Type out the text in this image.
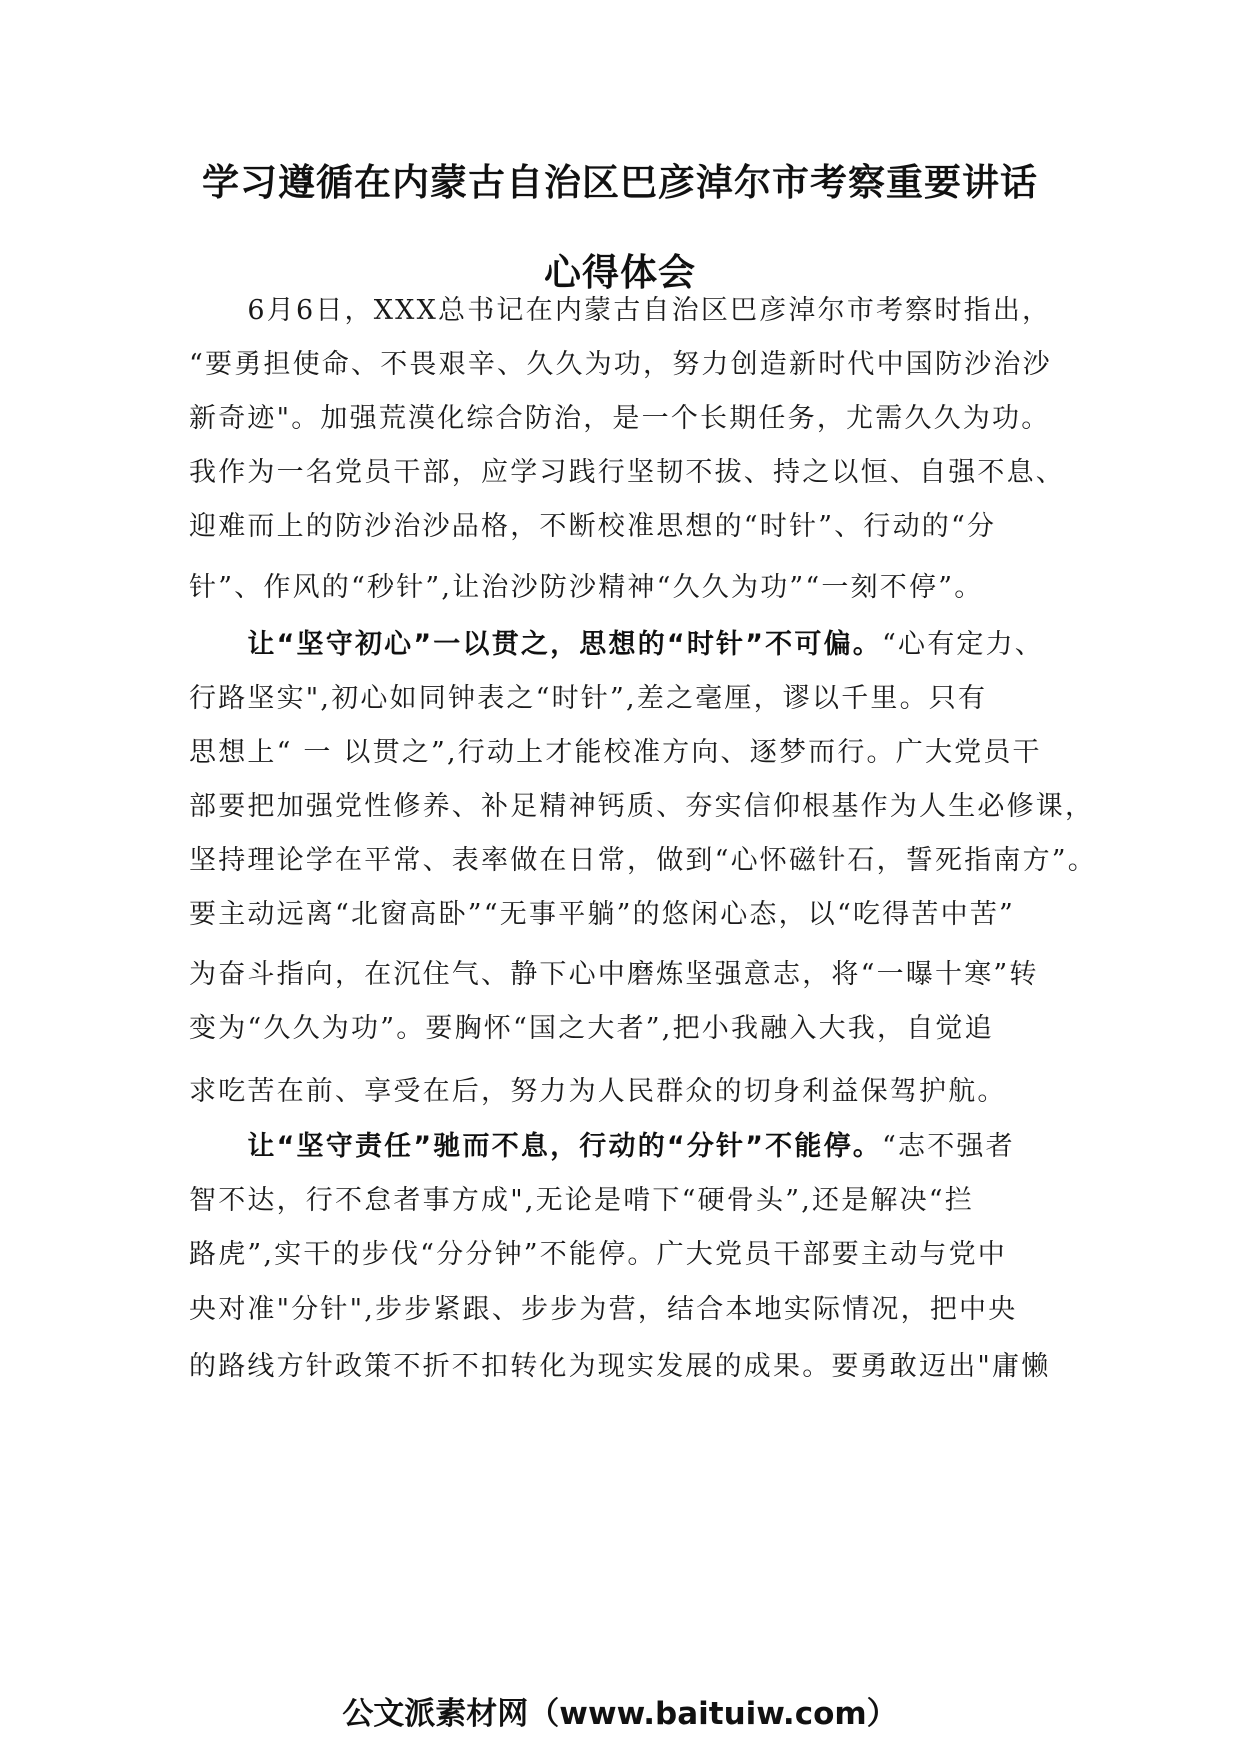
学习遵循在内蒙古自治区巴彦淖尔市考察重要讲话
心得体会

　　6月6日，XXX总书记在内蒙古自治区巴彦淖尔市考察时指出，

“要勇担使命、不畏艰辛、久久为功，努力创造新时代中国防沙治沙

新奇迹"。加强荒漠化综合防治，是一个长期任务，尤需久久为功。

我作为一名党员干部，应学习践行坚韧不拔、持之以恒、自强不息、

迎难而上的防沙治沙品格，不断校准思想的“时针”、行动的“分

针”、作风的“秒针”,让治沙防沙精神“久久为功”“一刻不停”。

　　让“坚守初心”一以贯之，思想的“时针”不可偏。“心有定力、

行路坚实",初心如同钟表之“时针”,差之毫厘，谬以千里。只有

思想上“ 一 以贯之”,行动上才能校准方向、逐梦而行。广大党员干

部要把加强党性修养、补足精神钙质、夯实信仰根基作为人生必修课，

坚持理论学在平常、表率做在日常，做到“心怀磁针石，誓死指南方”。

要主动远离“北窗高卧”“无事平躺”的悠闲心态，以“吃得苦中苦”

为奋斗指向，在沉住气、静下心中磨炼坚强意志，将“一曝十寒”转

变为“久久为功”。要胸怀“国之大者”,把小我融入大我，自觉追

求吃苦在前、享受在后，努力为人民群众的切身利益保驾护航。

　　让“坚守责任”驰而不息，行动的“分针”不能停。“志不强者

智不达，行不怠者事方成",无论是啃下“硬骨头”,还是解决“拦

路虎”,实干的步伐“分分钟”不能停。广大党员干部要主动与党中

央对准"分针",步步紧跟、步步为营，结合本地实际情况，把中央

的路线方针政策不折不扣转化为现实发展的成果。要勇敢迈出"庸懒

公文派素材网（www.baituiw.com）
